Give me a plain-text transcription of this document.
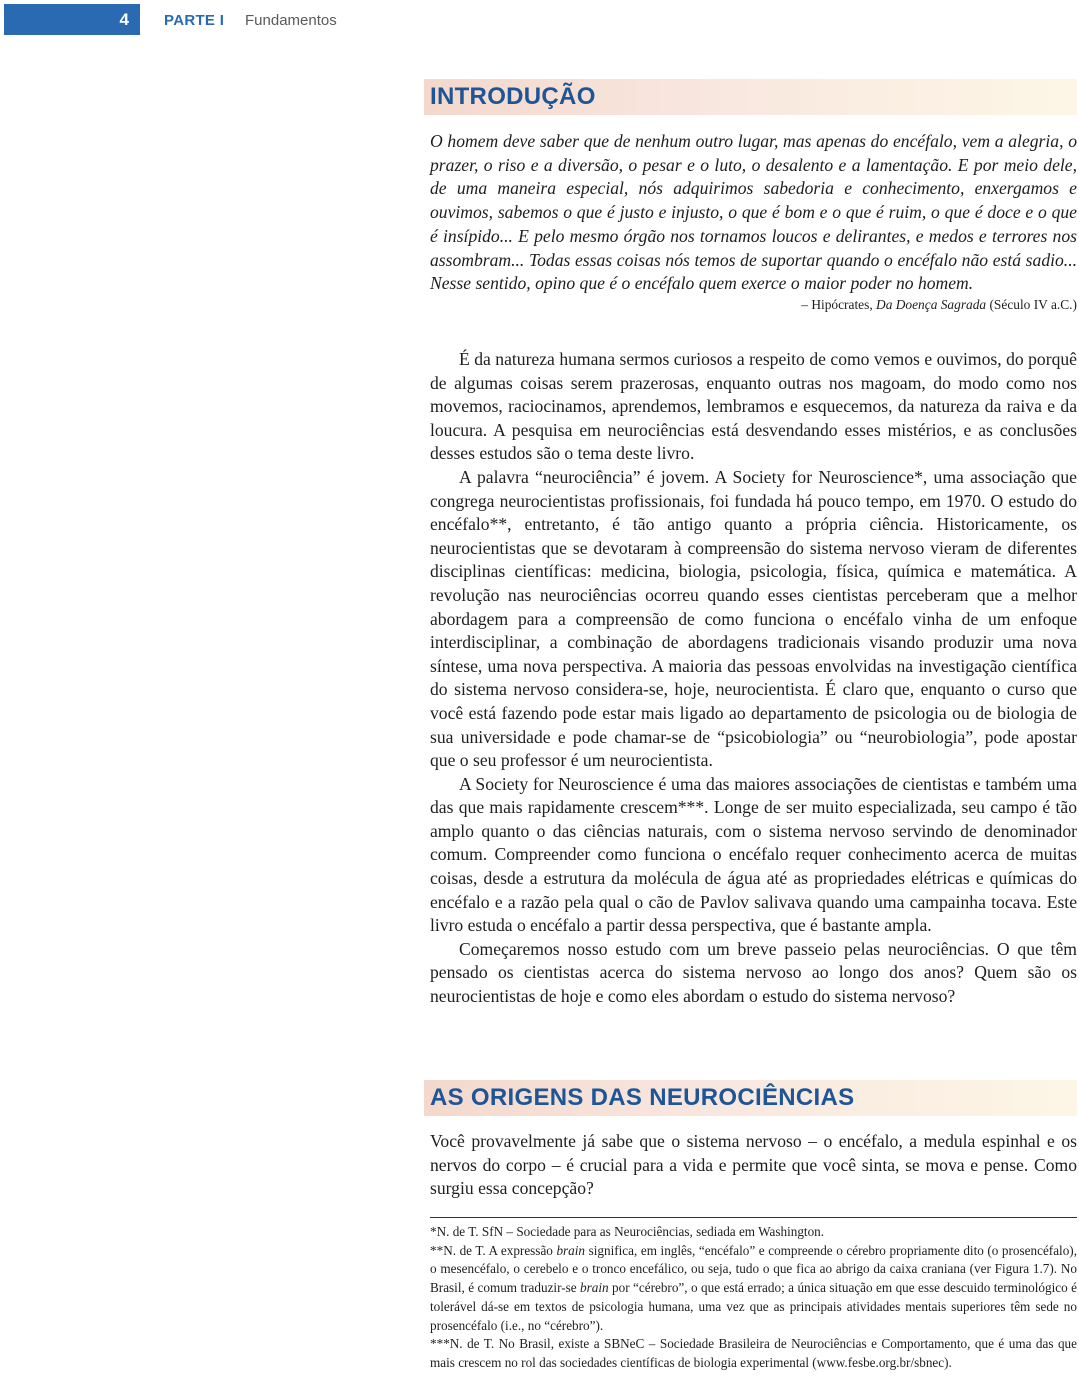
4	PARTE I Fundamentos
INTRODUÇÃO

O homem deve saber que de nenhum outro lugar, mas apenas do encéfalo, vem a alegria, o prazer, o riso e a diversão, o pesar e o luto, o desalento e a lamentação. E por meio dele, de uma maneira especial, nós adquirimos sabedoria e conhecimento, enxergamos e ouvimos, sabemos o que é justo e injusto, o que é bom e o que é ruim, o que é doce e o que é insípido... E pelo mesmo órgão nos tornamos loucos e delirantes, e medos e terrores nos assombram... Todas essas coisas nós temos de suportar quando o encéfalo não está sadio... Nesse sentido, opino que é o encéfalo quem exerce o maior poder no homem.

– Hipócrates, Da Doença Sagrada (Século IV a.C.)

É da natureza humana sermos curiosos a respeito de como vemos e ouvimos, do porquê de algumas coisas serem prazerosas, enquanto outras nos magoam, do modo como nos movemos, raciocinamos, aprendemos, lembramos e esquecemos, da natureza da raiva e da loucura. A pesquisa em neurociências está desvendando esses mistérios, e as conclusões desses estudos são o tema deste livro.

A palavra “neurociência” é jovem. A Society for Neuroscience*, uma associação que congrega neurocientistas profissionais, foi fundada há pouco tempo, em 1970. O estudo do encéfalo**, entretanto, é tão antigo quanto a própria ciência. Historicamente, os neurocientistas que se devotaram à compreensão do sistema nervoso vieram de diferentes disciplinas científicas: medicina, biologia, psicologia, física, química e matemática. A revolução nas neurociências ocorreu quando esses cientistas perceberam que a melhor abordagem para a compreensão de como funciona o encéfalo vinha de um enfoque interdisciplinar, a combinação de abordagens tradicionais visando produzir uma nova síntese, uma nova perspectiva. A maioria das pessoas envolvidas na investigação científica do sistema nervoso considera-se, hoje, neurocientista. É claro que, enquanto o curso que você está fazendo pode estar mais ligado ao departamento de psicologia ou de biologia de sua universidade e pode chamar-se de “psicobiologia” ou “neurobiologia”, pode apostar que o seu professor é um neurocientista.

A Society for Neuroscience é uma das maiores associações de cientistas e também uma das que mais rapidamente crescem***. Longe de ser muito especializada, seu campo é tão amplo quanto o das ciências naturais, com o sistema nervoso servindo de denominador comum. Compreender como funciona o encéfalo requer conhecimento acerca de muitas coisas, desde a estrutura da molécula de água até as propriedades elétricas e químicas do encéfalo e a razão pela qual o cão de Pavlov salivava quando uma campainha tocava. Este livro estuda o encéfalo a partir dessa perspectiva, que é bastante ampla.

Começaremos nosso estudo com um breve passeio pelas neurociências. O que têm pensado os cientistas acerca do sistema nervoso ao longo dos anos? Quem são os neurocientistas de hoje e como eles abordam o estudo do sistema nervoso?

AS ORIGENS DAS NEUROCIÊNCIAS

Você provavelmente já sabe que o sistema nervoso – o encéfalo, a medula espinhal e os nervos do corpo – é crucial para a vida e permite que você sinta, se mova e pense. Como surgiu essa concepção?

*N. de T. SfN – Sociedade para as Neurociências, sediada em Washington.

**N. de T. A expressão brain significa, em inglês, “encéfalo” e compreende o cérebro propriamente dito (o prosencéfalo), o mesencéfalo, o cerebelo e o tronco encefálico, ou seja, tudo o que fica ao abrigo da caixa craniana (ver Figura 1.7). No Brasil, é comum traduzir-se brain por “cérebro”, o que está errado; a única situação em que esse descuido terminológico é tolerável dá-se em textos de psicologia humana, uma vez que as principais atividades mentais superiores têm sede no prosencéfalo (i.e., no “cérebro”).

***N. de T. No Brasil, existe a SBNeC – Sociedade Brasileira de Neurociências e Comportamento, que é uma das que mais crescem no rol das sociedades científicas de biologia experimental (www.fesbe.org.br/sbnec).
